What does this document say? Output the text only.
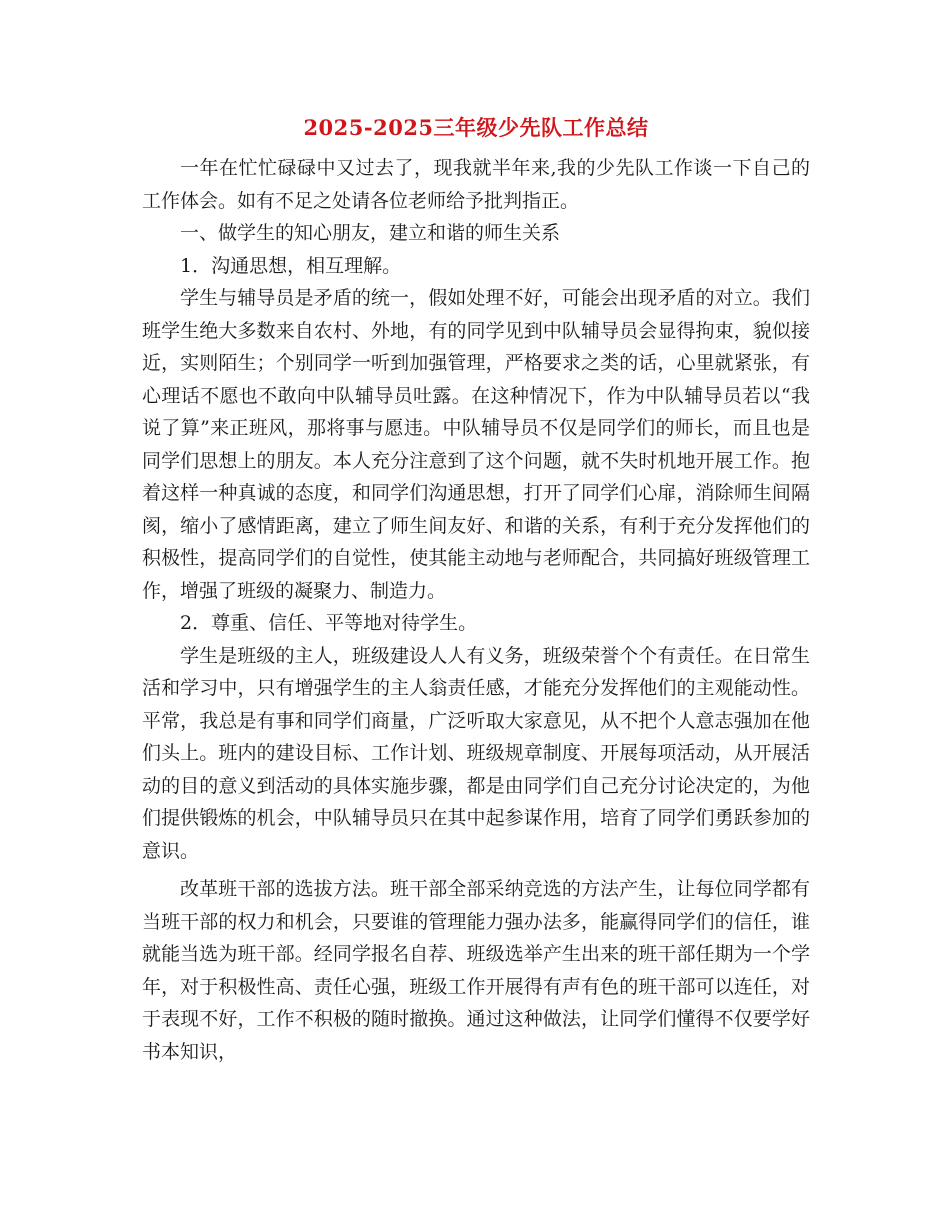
2025-2025三年级少先队工作总结

一年在忙忙碌碌中又过去了，现我就半年来,我的少先队工作谈一下自己的工作体会。如有不足之处请各位老师给予批判指正。

一、做学生的知心朋友，建立和谐的师生关系

1．沟通思想，相互理解。

学生与辅导员是矛盾的统一，假如处理不好，可能会出现矛盾的对立。我们班学生绝大多数来自农村、外地，有的同学见到中队辅导员会显得拘束，貌似接近，实则陌生；个别同学一听到加强管理，严格要求之类的话，心里就紧张，有心理话不愿也不敢向中队辅导员吐露。在这种情况下，作为中队辅导员若以“我说了算”来正班风，那将事与愿违。中队辅导员不仅是同学们的师长，而且也是同学们思想上的朋友。本人充分注意到了这个问题，就不失时机地开展工作。抱着这样一种真诚的态度，和同学们沟通思想，打开了同学们心扉，消除师生间隔阂，缩小了感情距离，建立了师生间友好、和谐的关系，有利于充分发挥他们的积极性，提高同学们的自觉性，使其能主动地与老师配合，共同搞好班级管理工作，增强了班级的凝聚力、制造力。

2．尊重、信任、平等地对待学生。

学生是班级的主人，班级建设人人有义务，班级荣誉个个有责任。在日常生活和学习中，只有增强学生的主人翁责任感，才能充分发挥他们的主观能动性。平常，我总是有事和同学们商量，广泛听取大家意见，从不把个人意志强加在他们头上。班内的建设目标、工作计划、班级规章制度、开展每项活动，从开展活动的目的意义到活动的具体实施步骤，都是由同学们自己充分讨论决定的，为他们提供锻炼的机会，中队辅导员只在其中起参谋作用，培育了同学们勇跃参加的意识。

改革班干部的选拔方法。班干部全部采纳竞选的方法产生，让每位同学都有当班干部的权力和机会，只要谁的管理能力强办法多，能赢得同学们的信任，谁就能当选为班干部。经同学报名自荐、班级选举产生出来的班干部任期为一个学年，对于积极性高、责任心强，班级工作开展得有声有色的班干部可以连任，对于表现不好，工作不积极的随时撤换。通过这种做法，让同学们懂得不仅要学好书本知识，
